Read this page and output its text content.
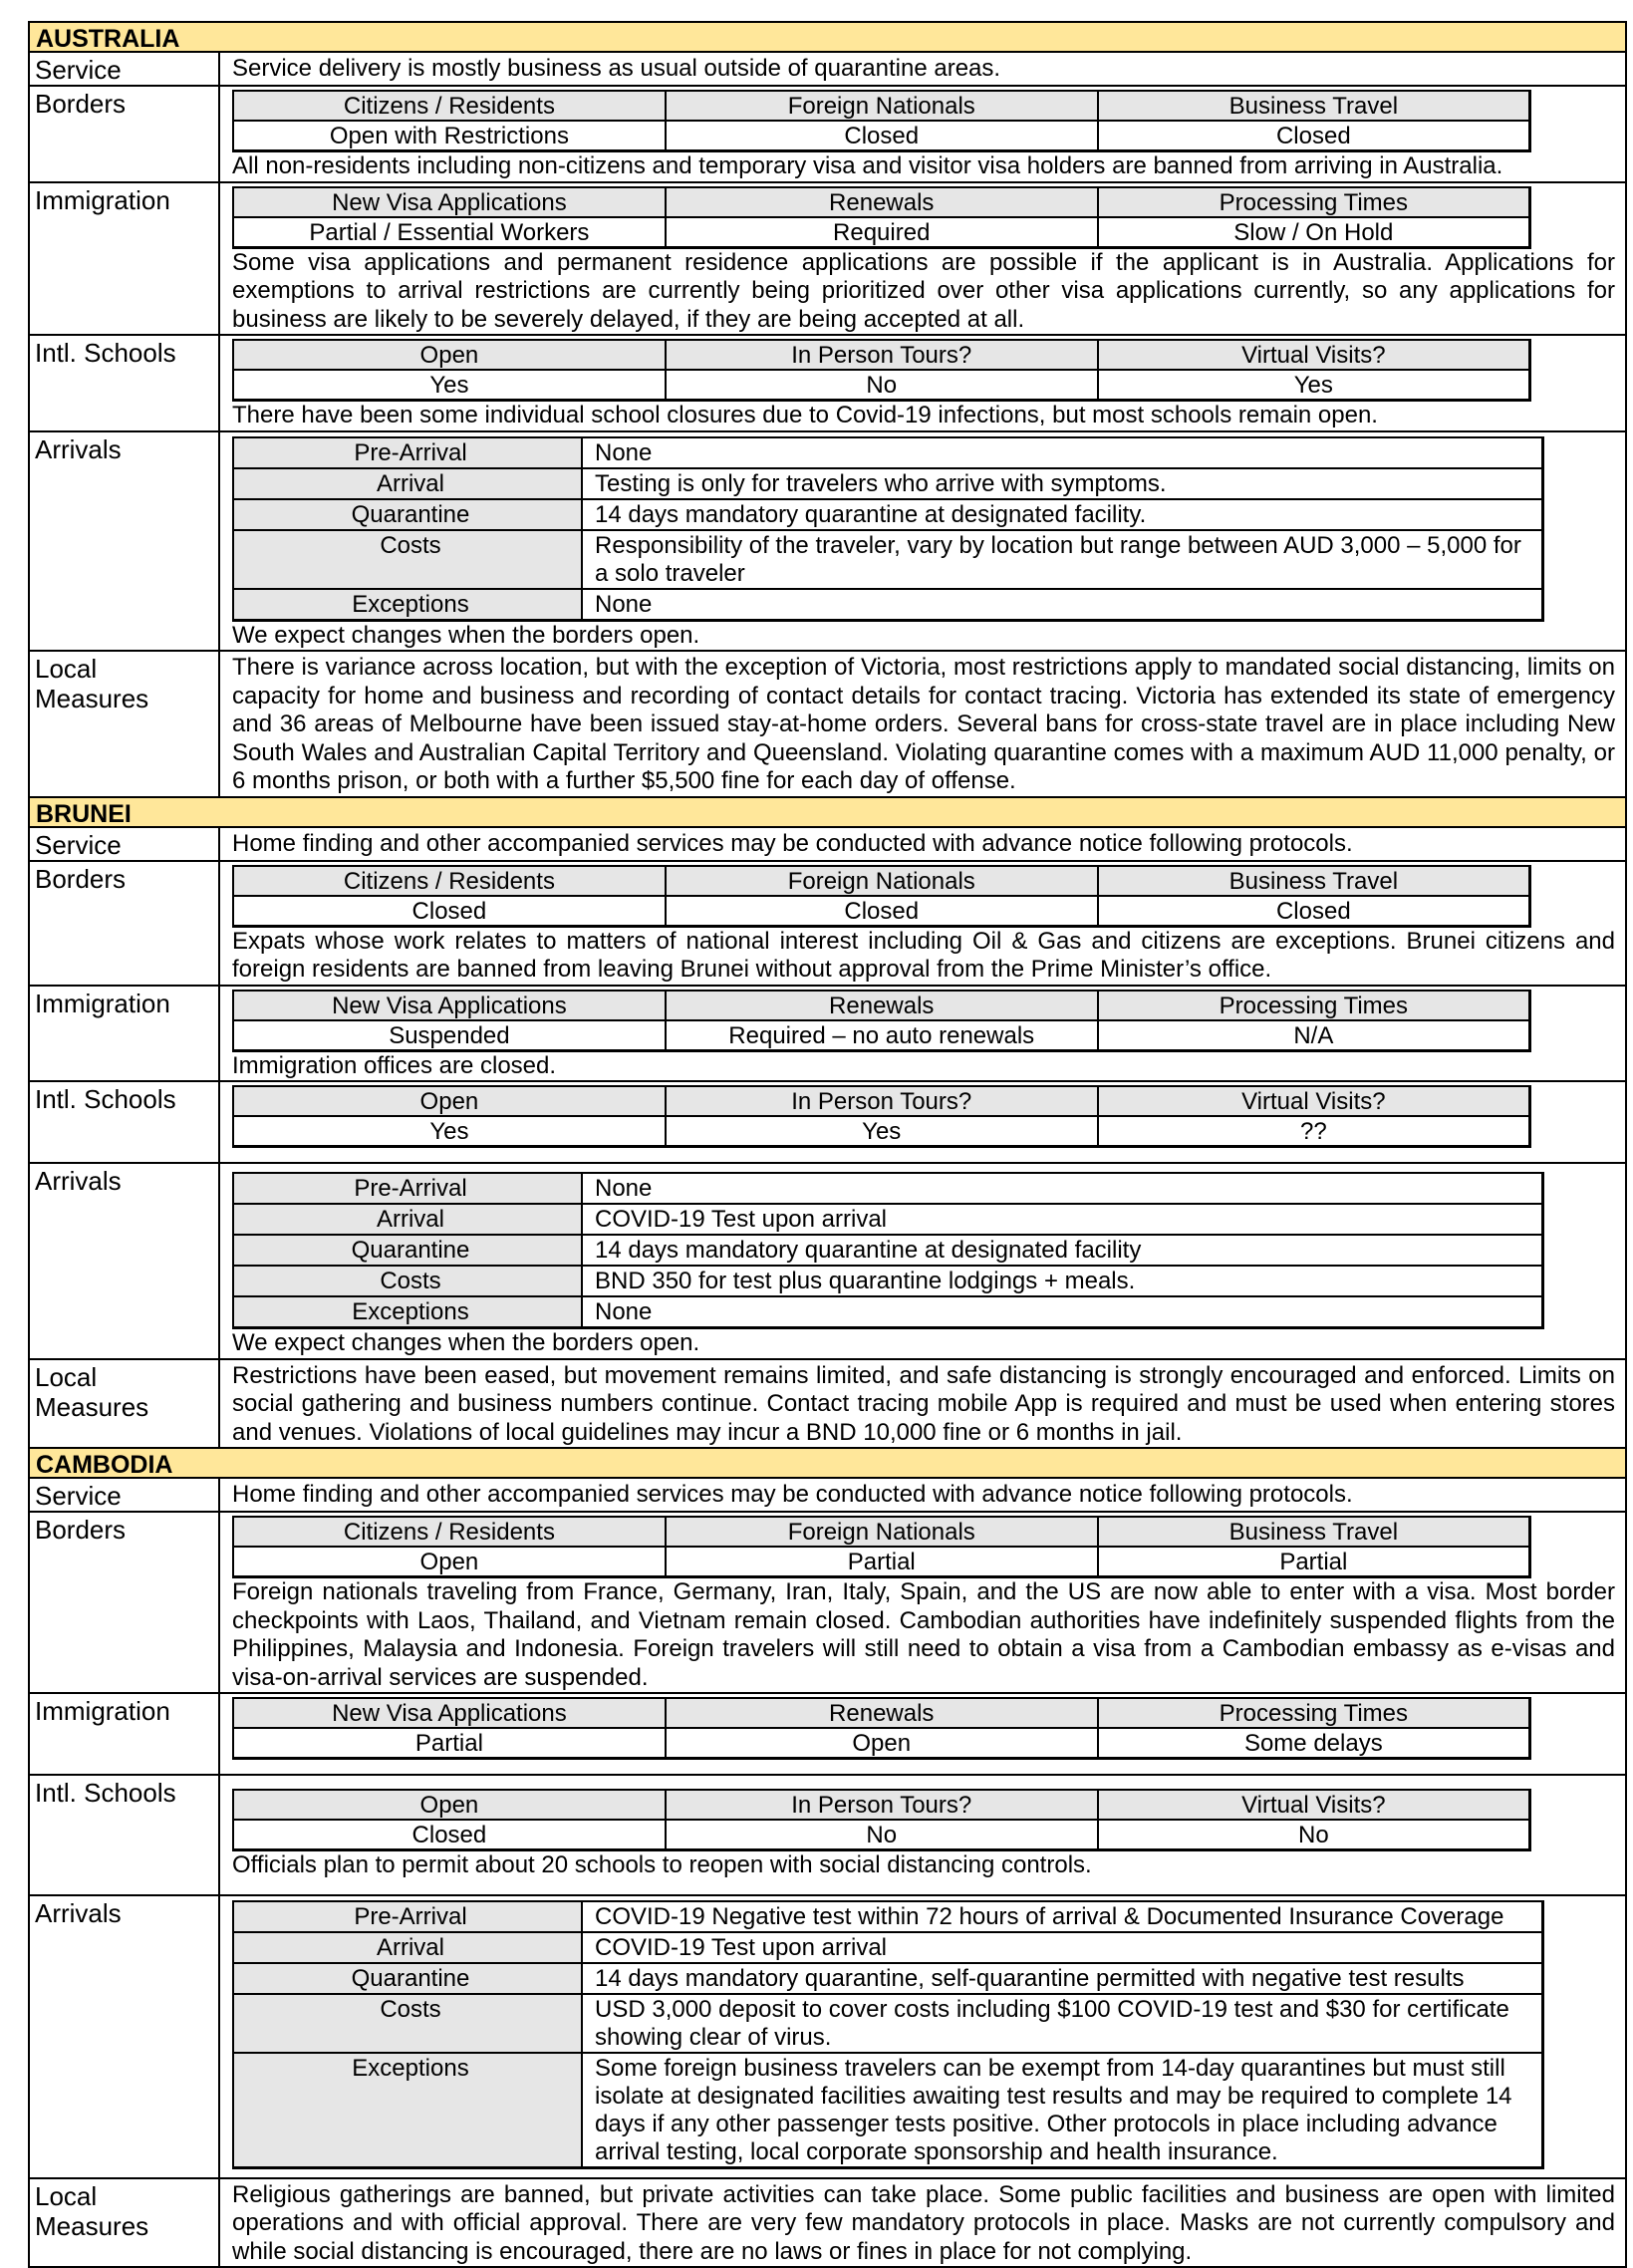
AUSTRALIA
Service	Service delivery is mostly business as usual outside of quarantine areas.
Borders	Citizens / Residents	Foreign Nationals	Business Travel
Open with Restrictions	Closed	Closed
All non-residents including non-citizens and temporary visa and visitor visa holders are banned from arriving in Australia.
Immigration	New Visa Applications	Renewals	Processing Times
Partial / Essential Workers	Required	Slow / On Hold
Some visa applications and permanent residence applications are possible if the applicant is in Australia. Applications for exemptions to arrival restrictions are currently being prioritized over other visa applications currently, so any applications for business are likely to be severely delayed, if they are being accepted at all.
Intl. Schools	Open	In Person Tours?	Virtual Visits?
Yes	No	Yes
There have been some individual school closures due to Covid-19 infections, but most schools remain open.
Arrivals	Pre-Arrival	None
Arrival	Testing is only for travelers who arrive with symptoms.
Quarantine	14 days mandatory quarantine at designated facility.
Costs	Responsibility of the traveler, vary by location but range between AUD 3,000 – 5,000 for a solo traveler
Exceptions	None
We expect changes when the borders open.
Local
Measures
There is variance across location, but with the exception of Victoria, most restrictions apply to mandated social distancing, limits on capacity for home and business and recording of contact details for contact tracing. Victoria has extended its state of emergency and 36 areas of Melbourne have been issued stay-at-home orders. Several bans for cross-state travel are in place including New South Wales and Australian Capital Territory and Queensland. Violating quarantine comes with a maximum AUD 11,000 penalty, or 6 months prison, or both with a further $5,500 fine for each day of offense.
BRUNEI
Service	Home finding and other accompanied services may be conducted with advance notice following protocols.
Borders	Citizens / Residents	Foreign Nationals	Business Travel
Closed	Closed	Closed
Expats whose work relates to matters of national interest including Oil & Gas and citizens are exceptions. Brunei citizens and foreign residents are banned from leaving Brunei without approval from the Prime Minister’s office.
Immigration	New Visa Applications	Renewals	Processing Times
Suspended	Required – no auto renewals	N/A
Immigration offices are closed.
Intl. Schools	Open	In Person Tours?	Virtual Visits?
Yes	Yes	??
Arrivals	Pre-Arrival	None
Arrival	COVID-19 Test upon arrival
Quarantine	14 days mandatory quarantine at designated facility
Costs	BND 350 for test plus quarantine lodgings + meals.
Exceptions	None
We expect changes when the borders open.
Local
Measures
Restrictions have been eased, but movement remains limited, and safe distancing is strongly encouraged and enforced. Limits on social gathering and business numbers continue. Contact tracing mobile App is required and must be used when entering stores and venues. Violations of local guidelines may incur a BND 10,000 fine or 6 months in jail.
CAMBODIA
Service	Home finding and other accompanied services may be conducted with advance notice following protocols.
Borders	Citizens / Residents	Foreign Nationals	Business Travel
Open	Partial	Partial
Foreign nationals traveling from France, Germany, Iran, Italy, Spain, and the US are now able to enter with a visa. Most border checkpoints with Laos, Thailand, and Vietnam remain closed. Cambodian authorities have indefinitely suspended flights from the Philippines, Malaysia and Indonesia. Foreign travelers will still need to obtain a visa from a Cambodian embassy as e-visas and visa-on-arrival services are suspended.
Immigration	New Visa Applications	Renewals	Processing Times
Partial	Open	Some delays
Intl. Schools	Open	In Person Tours?	Virtual Visits?
Closed	No	No
Officials plan to permit about 20 schools to reopen with social distancing controls.
Arrivals	Pre-Arrival	COVID-19 Negative test within 72 hours of arrival & Documented Insurance Coverage
Arrival	COVID-19 Test upon arrival
Quarantine	14 days mandatory quarantine, self-quarantine permitted with negative test results
Costs	USD 3,000 deposit to cover costs including $100 COVID-19 test and $30 for certificate showing clear of virus.
Exceptions	Some foreign business travelers can be exempt from 14-day quarantines but must still isolate at designated facilities awaiting test results and may be required to complete 14 days if any other passenger tests positive. Other protocols in place including advance arrival testing, local corporate sponsorship and health insurance.
Local
Measures
Religious gatherings are banned, but private activities can take place. Some public facilities and business are open with limited operations and with official approval. There are very few mandatory protocols in place. Masks are not currently compulsory and while social distancing is encouraged, there are no laws or fines in place for not complying.
